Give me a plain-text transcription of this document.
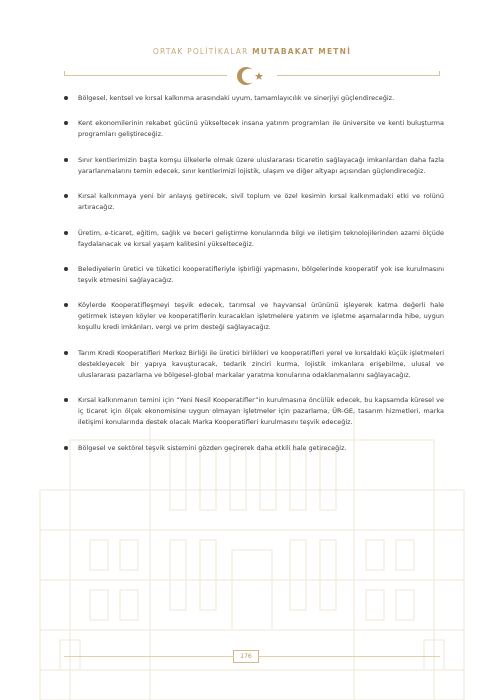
ORTAK POLİTİKALAR MUTABAKAT METNİ
Bölgesel, kentsel ve kırsal kalkınma arasındaki uyum, tamamlayıcılık ve sinerjiyi güçlendireceğiz.
Kent ekonomilerinin rekabet gücünü yükseltecek insana yatırım programları ile üniversite ve kenti buluşturma programları geliştireceğiz.
Sınır kentlerimizin başta komşu ülkelerle olmak üzere uluslararası ticaretin sağlayacağı imkanlardan daha fazla yararlanmalarını temin edecek, sınır kentlerimizi lojistik, ulaşım ve diğer altyapı açısından güçlendireceğiz.
Kırsal kalkınmaya yeni bir anlayış getirecek, sivil toplum ve özel kesimin kırsal kalkınmadaki etki ve rolünü artıracağız.
Üretim, e-ticaret, eğitim, sağlık ve beceri geliştirme konularında bilgi ve iletişim teknolojilerinden azami ölçüde faydalanacak ve kırsal yaşam kalitesini yükselteceğiz.
Belediyelerin üretici ve tüketici kooperatifleriyle işbirliği yapmasını, bölgelerinde kooperatif yok ise kurulmasını teşvik etmesini sağlayacağız.
Köylerde Kooperatifleşmeyi teşvik edecek, tarımsal ve hayvansal ürününü işleyerek katma değerli hale getirmek isteyen köyler ve kooperatiflerin kuracakları işletmelere yatırım ve işletme aşamalarında hibe, uygun koşullu kredi imkânları, vergi ve prim desteği sağlayacağız.
Tarım Kredi Kooperatifleri Merkez Birliği ile üretici birlikleri ve kooperatifleri yerel ve kırsaldaki küçük işletmeleri destekleyecek bir yapıya kavuşturacak, tedarik zinciri kurma, lojistik imkanlara erişebilme, ulusal ve uluslararası pazarlama ve bölgesel-global markalar yaratma konularına odaklanmalarını sağlayacağız.
Kırsal kalkınmanın temini için “Yeni Nesil Kooperatifler”in kurulmasına öncülük edecek, bu kapsamda küresel ve iç ticaret için ölçek ekonomisine uygun olmayan işletmeler için pazarlama, ÜR-GE, tasarım hizmetleri, marka iletişimi konularında destek olacak Marka Kooperatifleri kurulmasını teşvik edeceğiz.
Bölgesel ve sektörel teşvik sistemini gözden geçirerek daha etkili hale getireceğiz.
176
